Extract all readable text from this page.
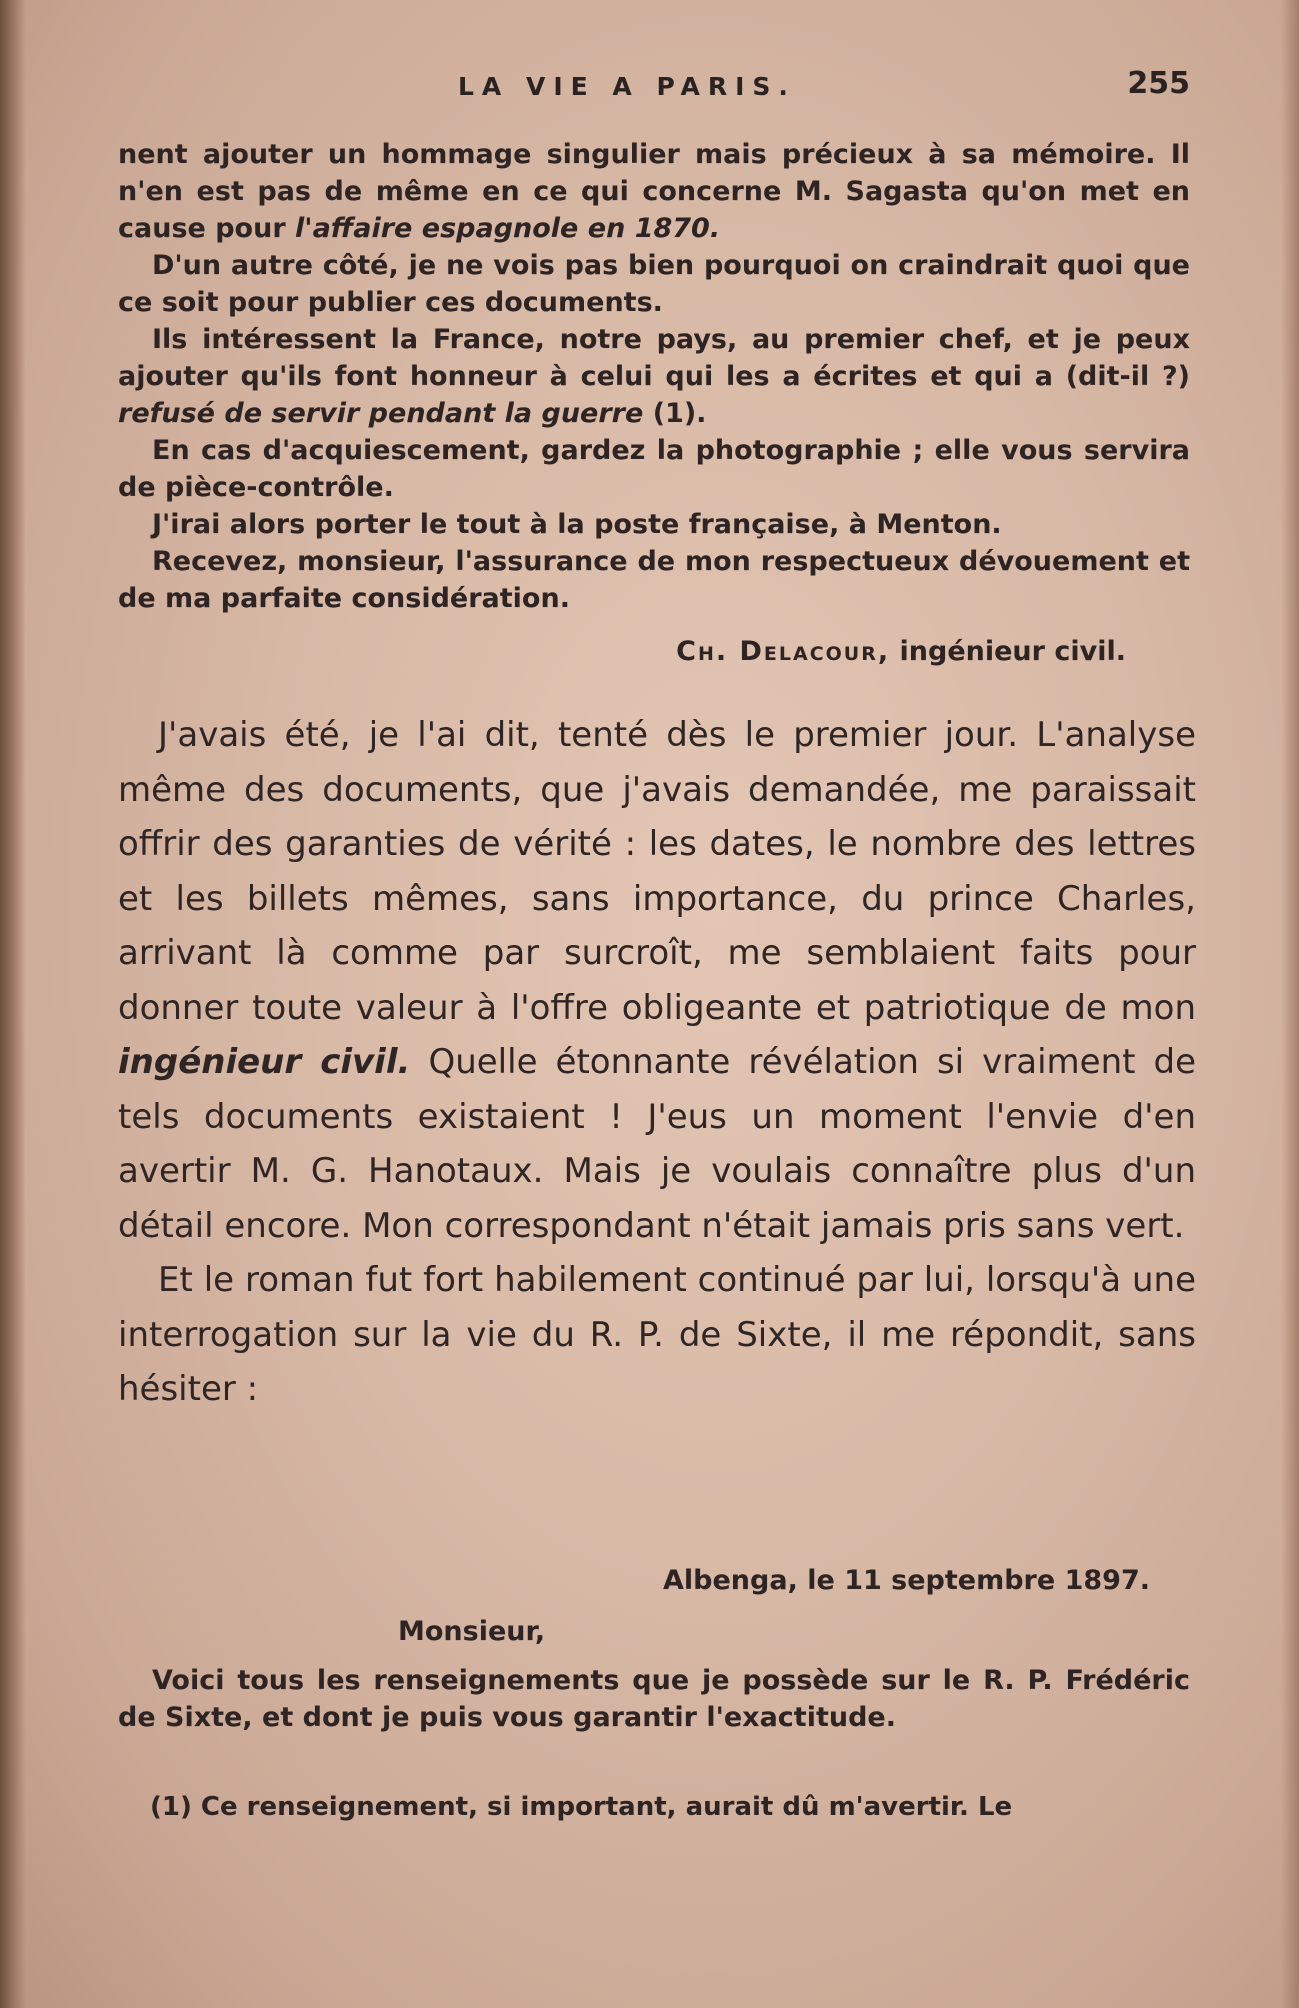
LA VIE A PARIS.	255

nent ajouter un hommage singulier mais précieux à sa mémoire. Il n'en est pas de même en ce qui concerne M. Sagasta qu'on met en cause pour l'affaire espagnole en 1870.

D'un autre côté, je ne vois pas bien pourquoi on craindrait quoi que ce soit pour publier ces documents.

Ils intéressent la France, notre pays, au premier chef, et je peux ajouter qu'ils font honneur à celui qui les a écrites et qui a (dit-il ?) refusé de servir pendant la guerre (1).

En cas d'acquiescement, gardez la photographie ; elle vous servira de pièce-contrôle.

J'irai alors porter le tout à la poste française, à Menton.

Recevez, monsieur, l'assurance de mon respectueux dévouement et de ma parfaite considération.

Ch. Delacour, ingénieur civil.

J'avais été, je l'ai dit, tenté dès le premier jour. L'analyse même des documents, que j'avais demandée, me paraissait offrir des garanties de vérité : les dates, le nombre des lettres et les billets mêmes, sans importance, du prince Charles, arrivant là comme par surcroît, me semblaient faits pour donner toute valeur à l'offre obligeante et patriotique de mon ingénieur civil. Quelle étonnante révélation si vraiment de tels documents existaient ! J'eus un moment l'envie d'en avertir M. G. Hanotaux. Mais je voulais connaître plus d'un détail encore. Mon correspondant n'était jamais pris sans vert.

Et le roman fut fort habilement continué par lui, lorsqu'à une interrogation sur la vie du R. P. de Sixte, il me répondit, sans hésiter :

Albenga, le 11 septembre 1897.

Monsieur,

Voici tous les renseignements que je possède sur le R. P. Frédéric de Sixte, et dont je puis vous garantir l'exactitude.

(1) Ce renseignement, si important, aurait dû m'avertir. Le
